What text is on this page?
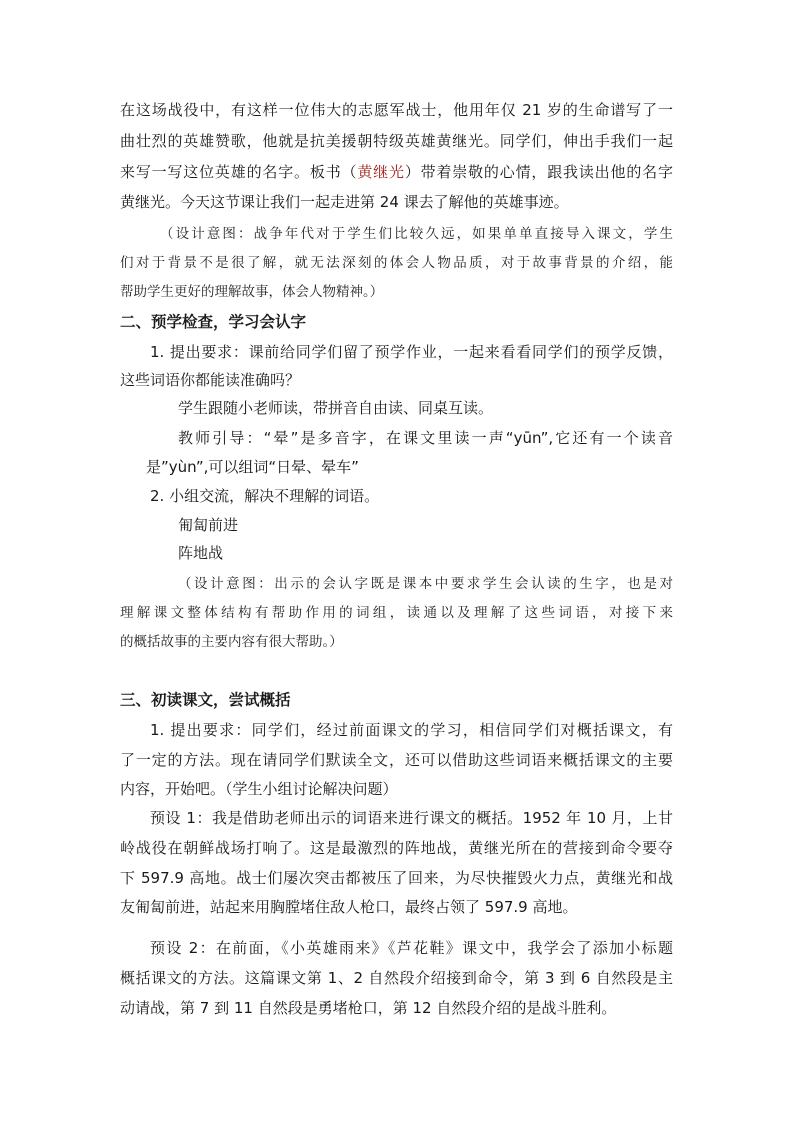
在这场战役中，有这样一位伟大的志愿军战士，他用年仅 21 岁的生命谱写了一
曲壮烈的英雄赞歌，他就是抗美援朝特级英雄黄继光。同学们，伸出手我们一起
来写一写这位英雄的名字。板书（黄继光）带着崇敬的心情，跟我读出他的名字
黄继光。今天这节课让我们一起走进第 24 课去了解他的英雄事迹。
（设计意图：战争年代对于学生们比较久远，如果单单直接导入课文，学生
们对于背景不是很了解，就无法深刻的体会人物品质，对于故事背景的介绍，能
帮助学生更好的理解故事，体会人物精神。）
二、预学检查，学习会认字
1. 提出要求：课前给同学们留了预学作业，一起来看看同学们的预学反馈，
这些词语你都能读准确吗？
学生跟随小老师读，带拼音自由读、同桌互读。
教师引导：“晕”是多音字，在课文里读一声“yūn”,它还有一个读音
是”yùn”,可以组词“日晕、晕车”
2. 小组交流，解决不理解的词语。
匍匐前进
阵地战
（设计意图：出示的会认字既是课本中要求学生会认读的生字，也是对
理解课文整体结构有帮助作用的词组，读通以及理解了这些词语，对接下来
的概括故事的主要内容有很大帮助。）
三、初读课文，尝试概括
1. 提出要求：同学们，经过前面课文的学习，相信同学们对概括课文，有
了一定的方法。现在请同学们默读全文，还可以借助这些词语来概括课文的主要
内容，开始吧。（学生小组讨论解决问题）
预设 1：我是借助老师出示的词语来进行课文的概括。1952 年 10 月，上甘
岭战役在朝鲜战场打响了。这是最激烈的阵地战，黄继光所在的营接到命令要夺
下 597.9 高地。战士们屡次突击都被压了回来，为尽快摧毁火力点，黄继光和战
友匍匐前进，站起来用胸膛堵住敌人枪口，最终占领了 597.9 高地。
预设 2：在前面，《小英雄雨来》《芦花鞋》课文中，我学会了添加小标题
概括课文的方法。这篇课文第 1、2 自然段介绍接到命令，第 3 到 6 自然段是主
动请战，第 7 到 11 自然段是勇堵枪口，第 12 自然段介绍的是战斗胜利。
